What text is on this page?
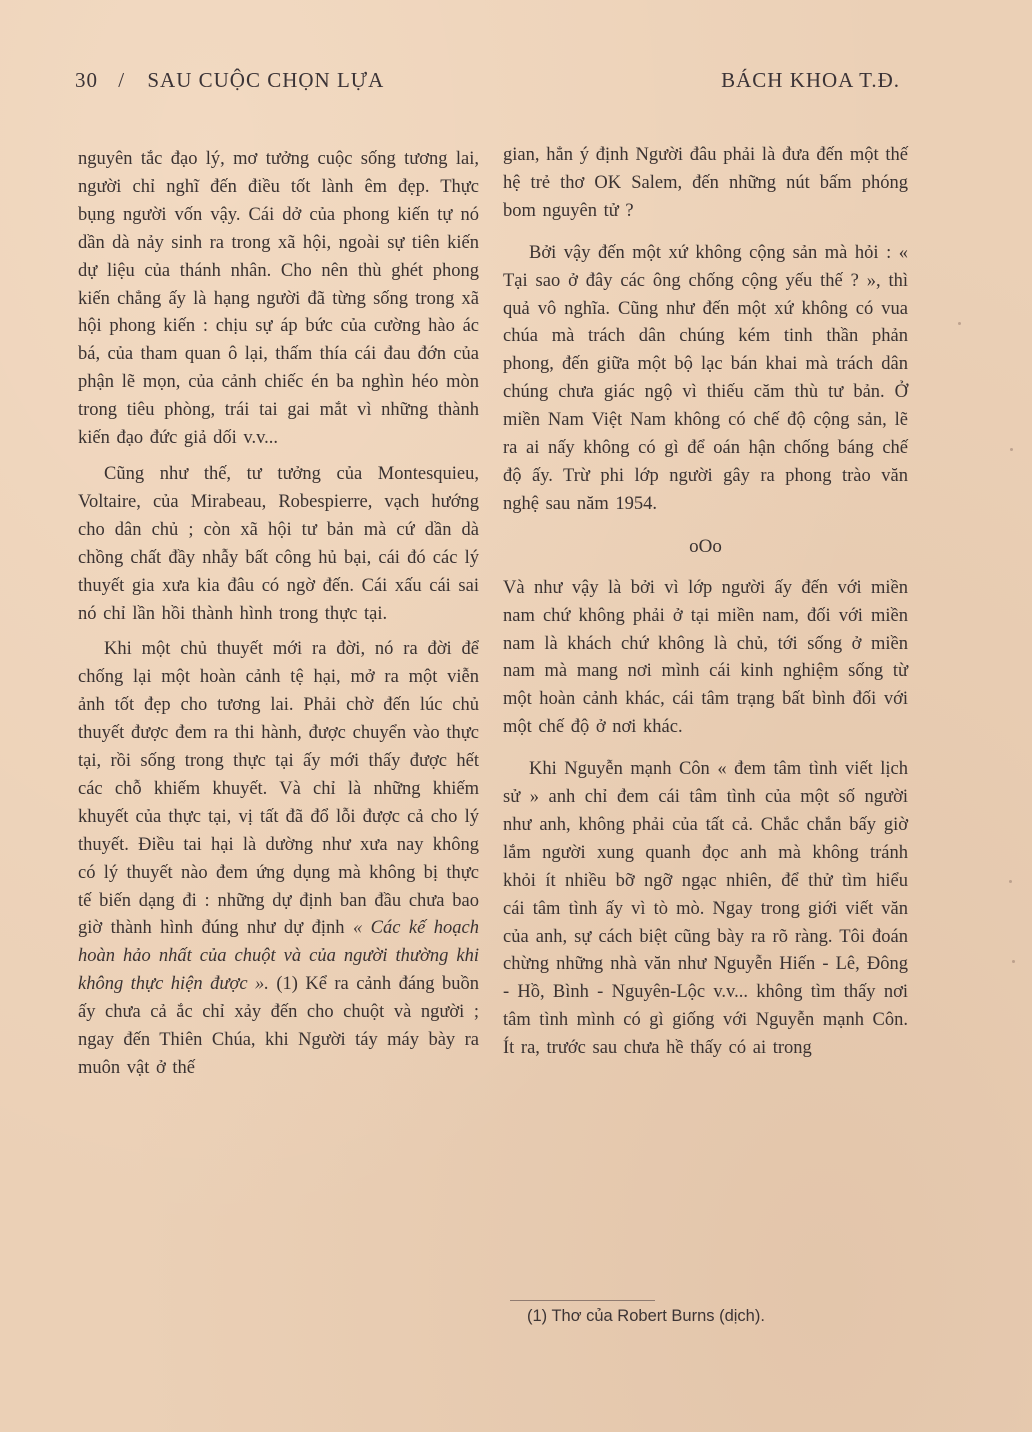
30 / SAU CUỘC CHỌN LỰA	BÁCH KHOA T.Đ.

nguyên tắc đạo lý, mơ tưởng cuộc sống tương lai, người chỉ nghĩ đến điều tốt lành êm đẹp. Thực bụng người vốn vậy. Cái dở của phong kiến tự nó dần dà nảy sinh ra trong xã hội, ngoài sự tiên kiến dự liệu của thánh nhân. Cho nên thù ghét phong kiến chẳng ấy là hạng người đã từng sống trong xã hội phong kiến : chịu sự áp bức của cường hào ác bá, của tham quan ô lại, thấm thía cái đau đớn của phận lẽ mọn, của cảnh chiếc én ba nghìn héo mòn trong tiêu phòng, trái tai gai mắt vì những thành kiến đạo đức giả dối v.v...

Cũng như thế, tư tưởng của Montesquieu, Voltaire, của Mirabeau, Robespierre, vạch hướng cho dân chủ ; còn xã hội tư bản mà cứ dần dà chồng chất đầy nhẫy bất công hủ bại, cái đó các lý thuyết gia xưa kia đâu có ngờ đến. Cái xấu cái sai nó chỉ lần hồi thành hình trong thực tại.

Khi một chủ thuyết mới ra đời, nó ra đời để chống lại một hoàn cảnh tệ hại, mở ra một viễn ảnh tốt đẹp cho tương lai. Phải chờ đến lúc chủ thuyết được đem ra thi hành, được chuyển vào thực tại, rồi sống trong thực tại ấy mới thấy được hết các chỗ khiếm khuyết. Và chỉ là những khiếm khuyết của thực tại, vị tất đã đổ lỗi được cả cho lý thuyết. Điều tai hại là dường như xưa nay không có lý thuyết nào đem ứng dụng mà không bị thực tế biến dạng đi : những dự định ban đầu chưa bao giờ thành hình đúng như dự định « Các kế hoạch hoàn hảo nhất của chuột và của người thường khi không thực hiện được ». (1) Kể ra cảnh đáng buồn ấy chưa cả ắc chỉ xảy đến cho chuột và người ; ngay đến Thiên Chúa, khi Người táy máy bày ra muôn vật ở thế

gian, hẳn ý định Người đâu phải là đưa đến một thế hệ trẻ thơ OK Salem, đến những nút bấm phóng bom nguyên tử ?

Bởi vậy đến một xứ không cộng sản mà hỏi : « Tại sao ở đây các ông chống cộng yếu thế ? », thì quả vô nghĩa. Cũng như đến một xứ không có vua chúa mà trách dân chúng kém tinh thần phản phong, đến giữa một bộ lạc bán khai mà trách dân chúng chưa giác ngộ vì thiếu căm thù tư bản. Ở miền Nam Việt Nam không có chế độ cộng sản, lẽ ra ai nấy không có gì để oán hận chống báng chế độ ấy. Trừ phi lớp người gây ra phong trào văn nghệ sau năm 1954.

oOo

Và như vậy là bởi vì lớp người ấy đến với miền nam chứ không phải ở tại miền nam, đối với miền nam là khách chứ không là chủ, tới sống ở miền nam mà mang nơi mình cái kinh nghiệm sống từ một hoàn cảnh khác, cái tâm trạng bất bình đối với một chế độ ở nơi khác.

Khi Nguyễn mạnh Côn « đem tâm tình viết lịch sử » anh chỉ đem cái tâm tình của một số người như anh, không phải của tất cả. Chắc chắn bấy giờ lắm người xung quanh đọc anh mà không tránh khỏi ít nhiều bỡ ngỡ ngạc nhiên, để thử tìm hiểu cái tâm tình ấy vì tò mò. Ngay trong giới viết văn của anh, sự cách biệt cũng bày ra rõ ràng. Tôi đoán chừng những nhà văn như Nguyễn Hiến - Lê, Đông - Hồ, Bình - Nguyên-Lộc v.v... không tìm thấy nơi tâm tình mình có gì giống với Nguyễn mạnh Côn. Ít ra, trước sau chưa hề thấy có ai trong

(1) Thơ của Robert Burns (dịch).
